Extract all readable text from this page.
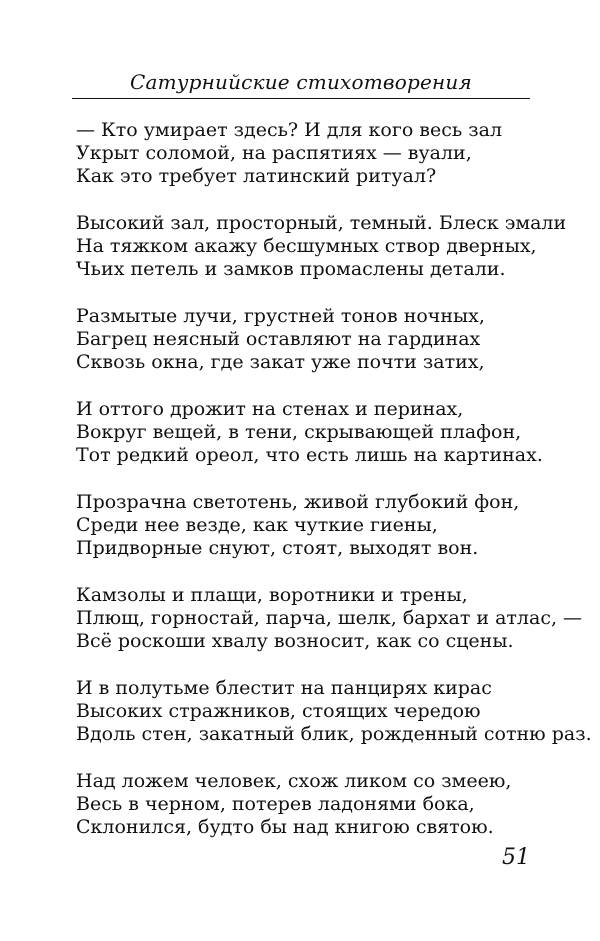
Сатурнийские стихотворения
— Кто умирает здесь? И для кого весь зал
Укрыт соломой, на распятиях — вуали,
Как это требует латинский ритуал?
Высокий зал, просторный, темный. Блеск эмали
На тяжком акажу бесшумных створ дверных,
Чьих петель и замков промаслены детали.
Размытые лучи, грустней тонов ночных,
Багрец неясный оставляют на гардинах
Сквозь окна, где закат уже почти затих,
И оттого дрожит на стенах и перинах,
Вокруг вещей, в тени, скрывающей плафон,
Тот редкий ореол, что есть лишь на картинах.
Прозрачна светотень, живой глубокий фон,
Среди нее везде, как чуткие гиены,
Придворные снуют, стоят, выходят вон.
Камзолы и плащи, воротники и трены,
Плющ, горностай, парча, шелк, бархат и атлас, —
Всё роскоши хвалу возносит, как со сцены.
И в полутьме блестит на панцирях кирас
Высоких стражников, стоящих чередою
Вдоль стен, закатный блик, рожденный сотню раз.
Над ложем человек, схож ликом со змеею,
Весь в черном, потерев ладонями бока,
Склонился, будто бы над книгою святою.
51
